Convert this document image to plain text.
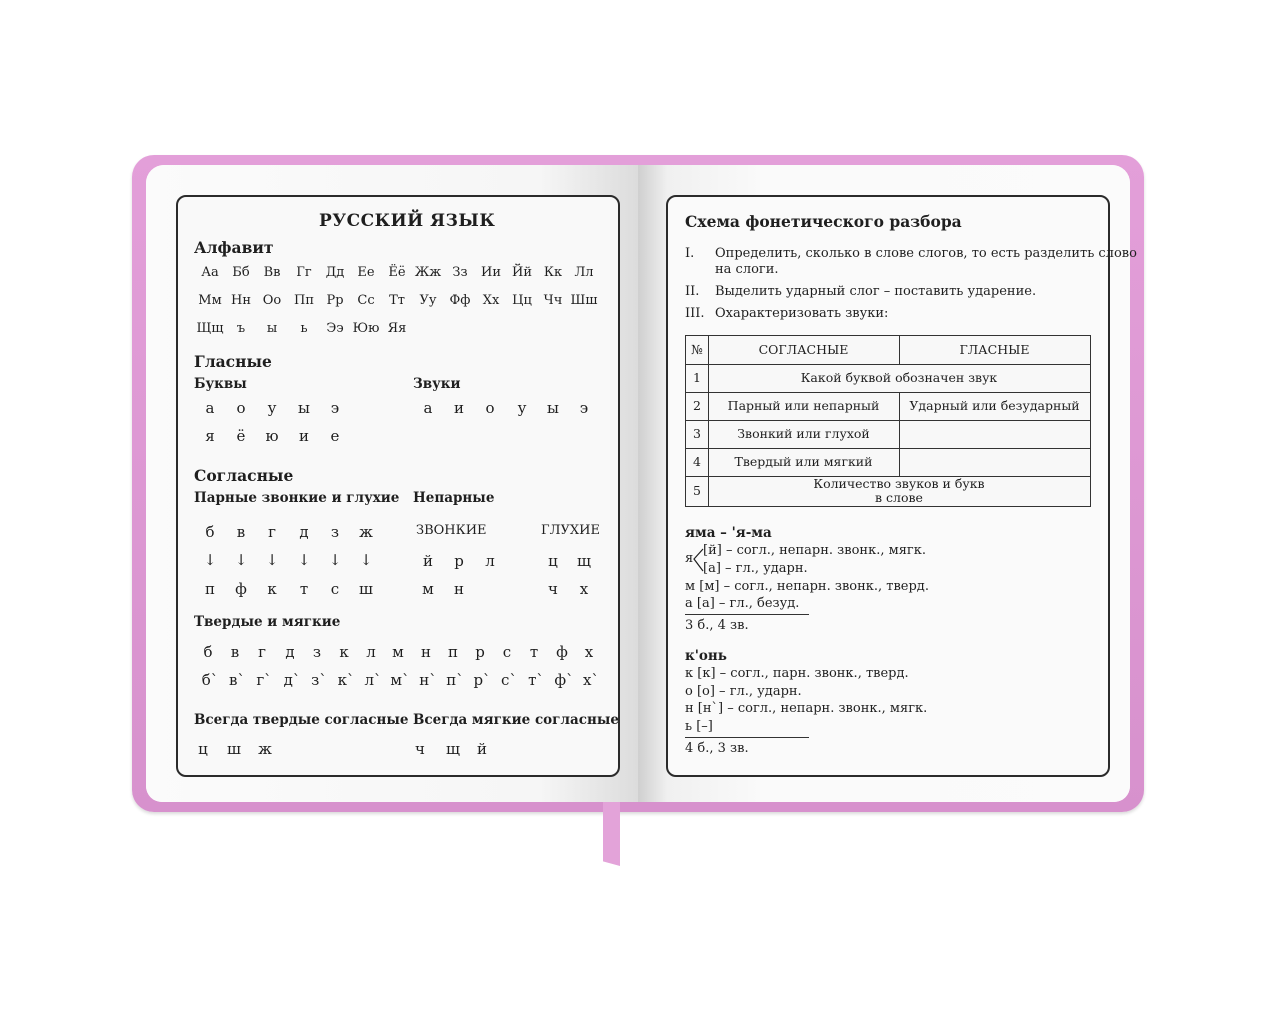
РУССКИЙ ЯЗЫК
Алфавит
Аа	Бб	Вв	Гг	Дд	Ее	Ёё Жж Зз	Ии Йй Кк Лл
Мм Нн Оо Пп Рр	Сс	Тт	Уу	Фф Хх Цц Чч Шш
Щщ	ъ	ы	ь	Ээ Юю Яя
Гласные
Буквы	Звуки
а	о	у	ы	э
я	ё	ю	и	е
а	и	о	у	ы	э
Согласные
Парные звонкие и глухие Непарные
ЗВОНКИЕ	ГЛУХИЕ
б	в	г	д	з	ж
↓	↓	↓	↓	↓	↓
п	ф	к	т	с	ш
й	р	л
м	н
ц	щ
ч	х
Твердые и мягкие
б	в	г	д	з	к	л	м	н	п	р	с	т	ф	х
б` в` г` д` з` к` л` м` н` п` р` с` т` ф` х`
Всегда твердые согласные Всегда мягкие согласные
ц	ш	ж	ч	щ	й
Схема фонетического разбора
I. Определить, сколько в слове слогов, то есть разделить слово
на слоги.
II. Выделить ударный слог – поставить ударение.
III. Охарактеризовать звуки:
№	СОГЛАСНЫЕ	ГЛАСНЫЕ
1	Какой буквой обозначен звук
2	Парный или непарный	Ударный или безударный
3	Звонкий или глухой
4	Твердый или мягкий
5	Количество звуков и букв
в слове
яма – 'я-ма
я
[й] – согл., непарн. звонк., мягк.
[а] – гл., ударн.
м [м] – согл., непарн. звонк., тверд.
а [а] – гл., безуд.
3 б., 4 зв.
к'онь
к [к] – согл., парн. звонк., тверд.
о [о] – гл., ударн.
н [н`] – согл., непарн. звонк., мягк.
ь [–]
4 б., 3 зв.
